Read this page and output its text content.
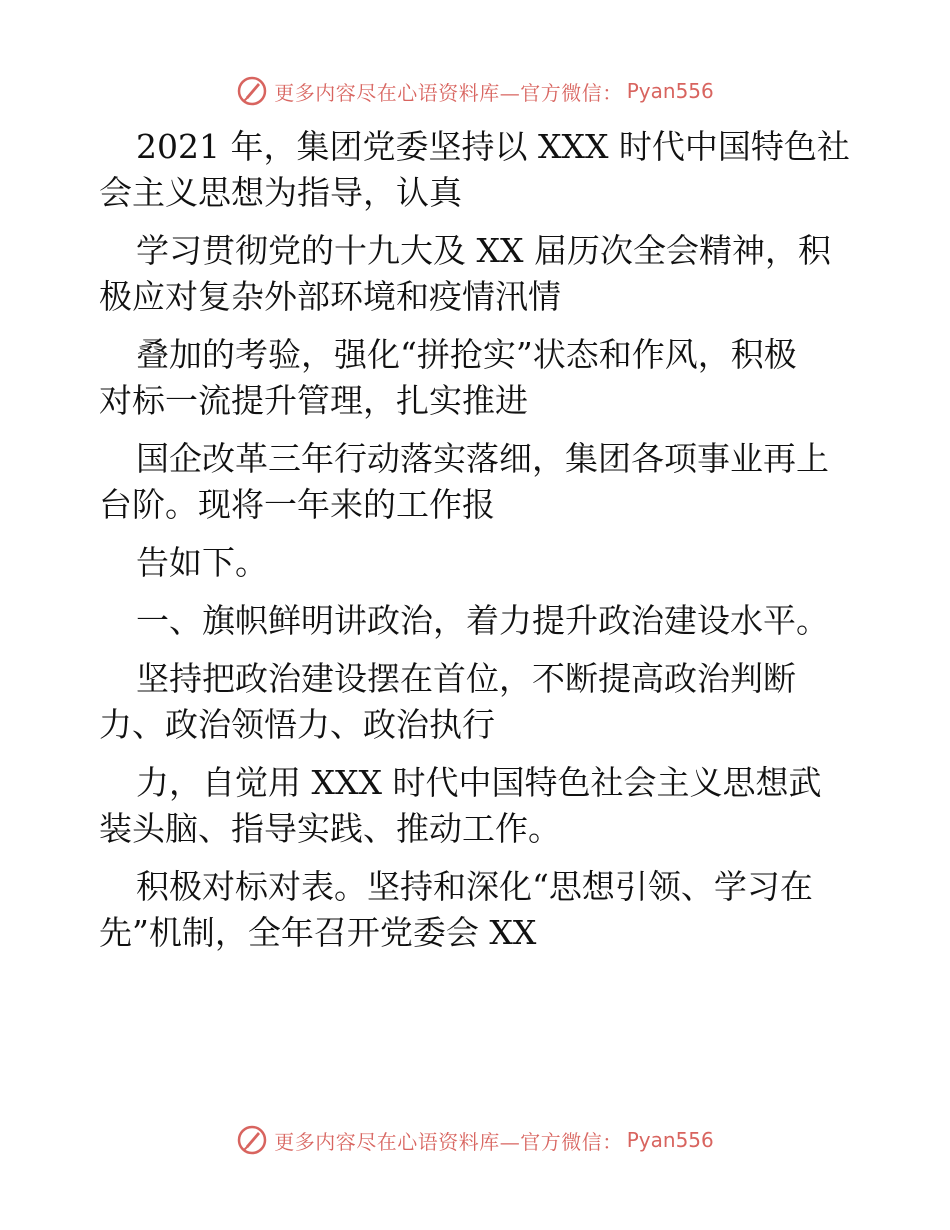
更多内容尽在心语资料库—官方微信： Pyan556

2021 年，集团党委坚持以 XXX 时代中国特色社
会主义思想为指导，认真

学习贯彻党的十九大及 XX 届历次全会精神，积
极应对复杂外部环境和疫情汛情

叠加的考验，强化“拼抢实”状态和作风，积极
对标一流提升管理，扎实推进

国企改革三年行动落实落细，集团各项事业再上
台阶。现将一年来的工作报

告如下。

一、旗帜鲜明讲政治，着力提升政治建设水平。

坚持把政治建设摆在首位，不断提高政治判断
力、政治领悟力、政治执行

力，自觉用 XXX 时代中国特色社会主义思想武
装头脑、指导实践、推动工作。

积极对标对表。坚持和深化“思想引领、学习在
先”机制，全年召开党委会 XX

更多内容尽在心语资料库—官方微信： Pyan556
